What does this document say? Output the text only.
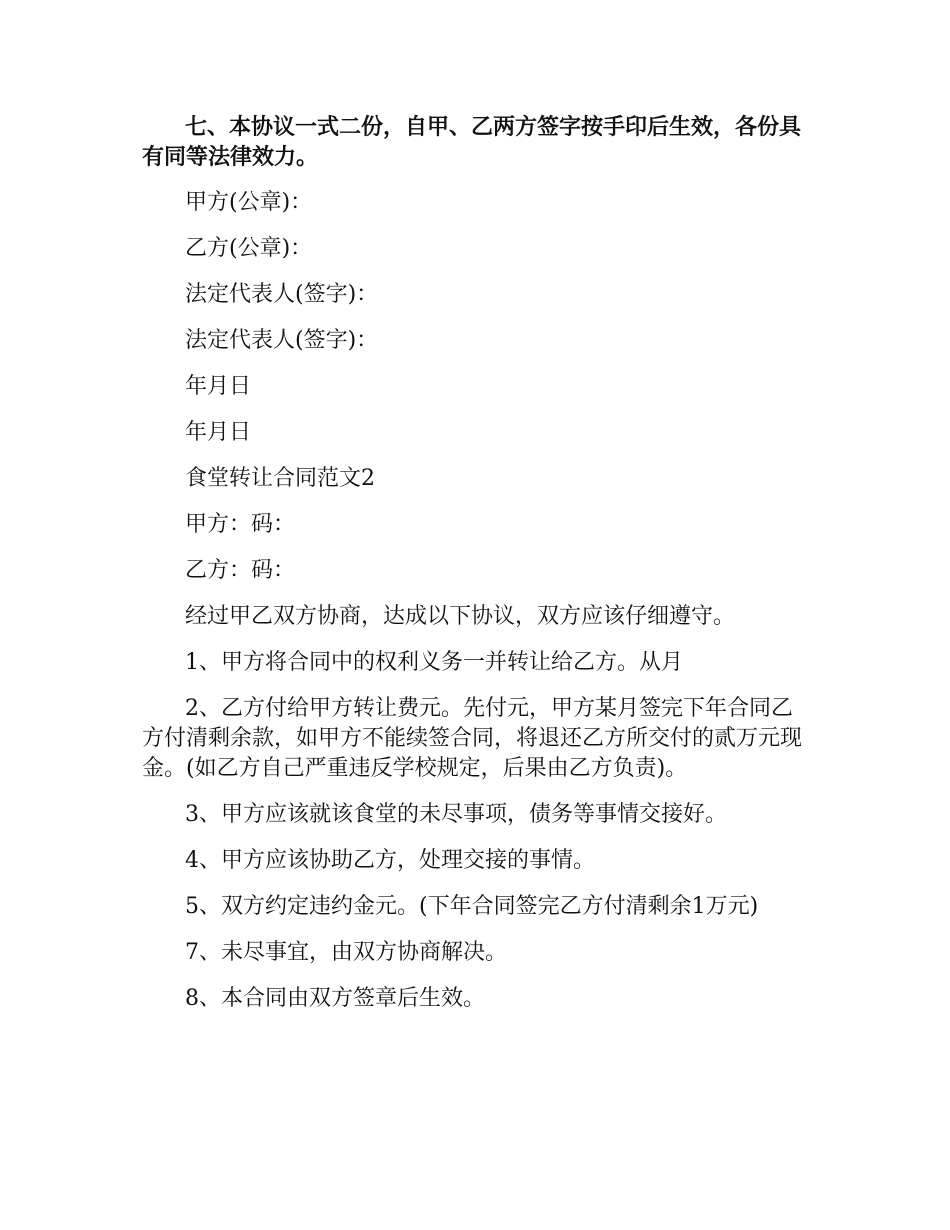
七、本协议一式二份，自甲、乙两方签字按手印后生效，各份具有同等法律效力。

甲方(公章)：

乙方(公章)：

法定代表人(签字)：

法定代表人(签字)：

年月日

年月日

食堂转让合同范文2

甲方：码：

乙方：码：

经过甲乙双方协商，达成以下协议，双方应该仔细遵守。

1、甲方将合同中的权利义务一并转让给乙方。从月

2、乙方付给甲方转让费元。先付元，甲方某月签完下年合同乙方付清剩余款，如甲方不能续签合同，将退还乙方所交付的贰万元现金。(如乙方自己严重违反学校规定，后果由乙方负责)。

3、甲方应该就该食堂的未尽事项，债务等事情交接好。

4、甲方应该协助乙方，处理交接的事情。

5、双方约定违约金元。(下年合同签完乙方付清剩余1万元)

7、未尽事宜，由双方协商解决。

8、本合同由双方签章后生效。
